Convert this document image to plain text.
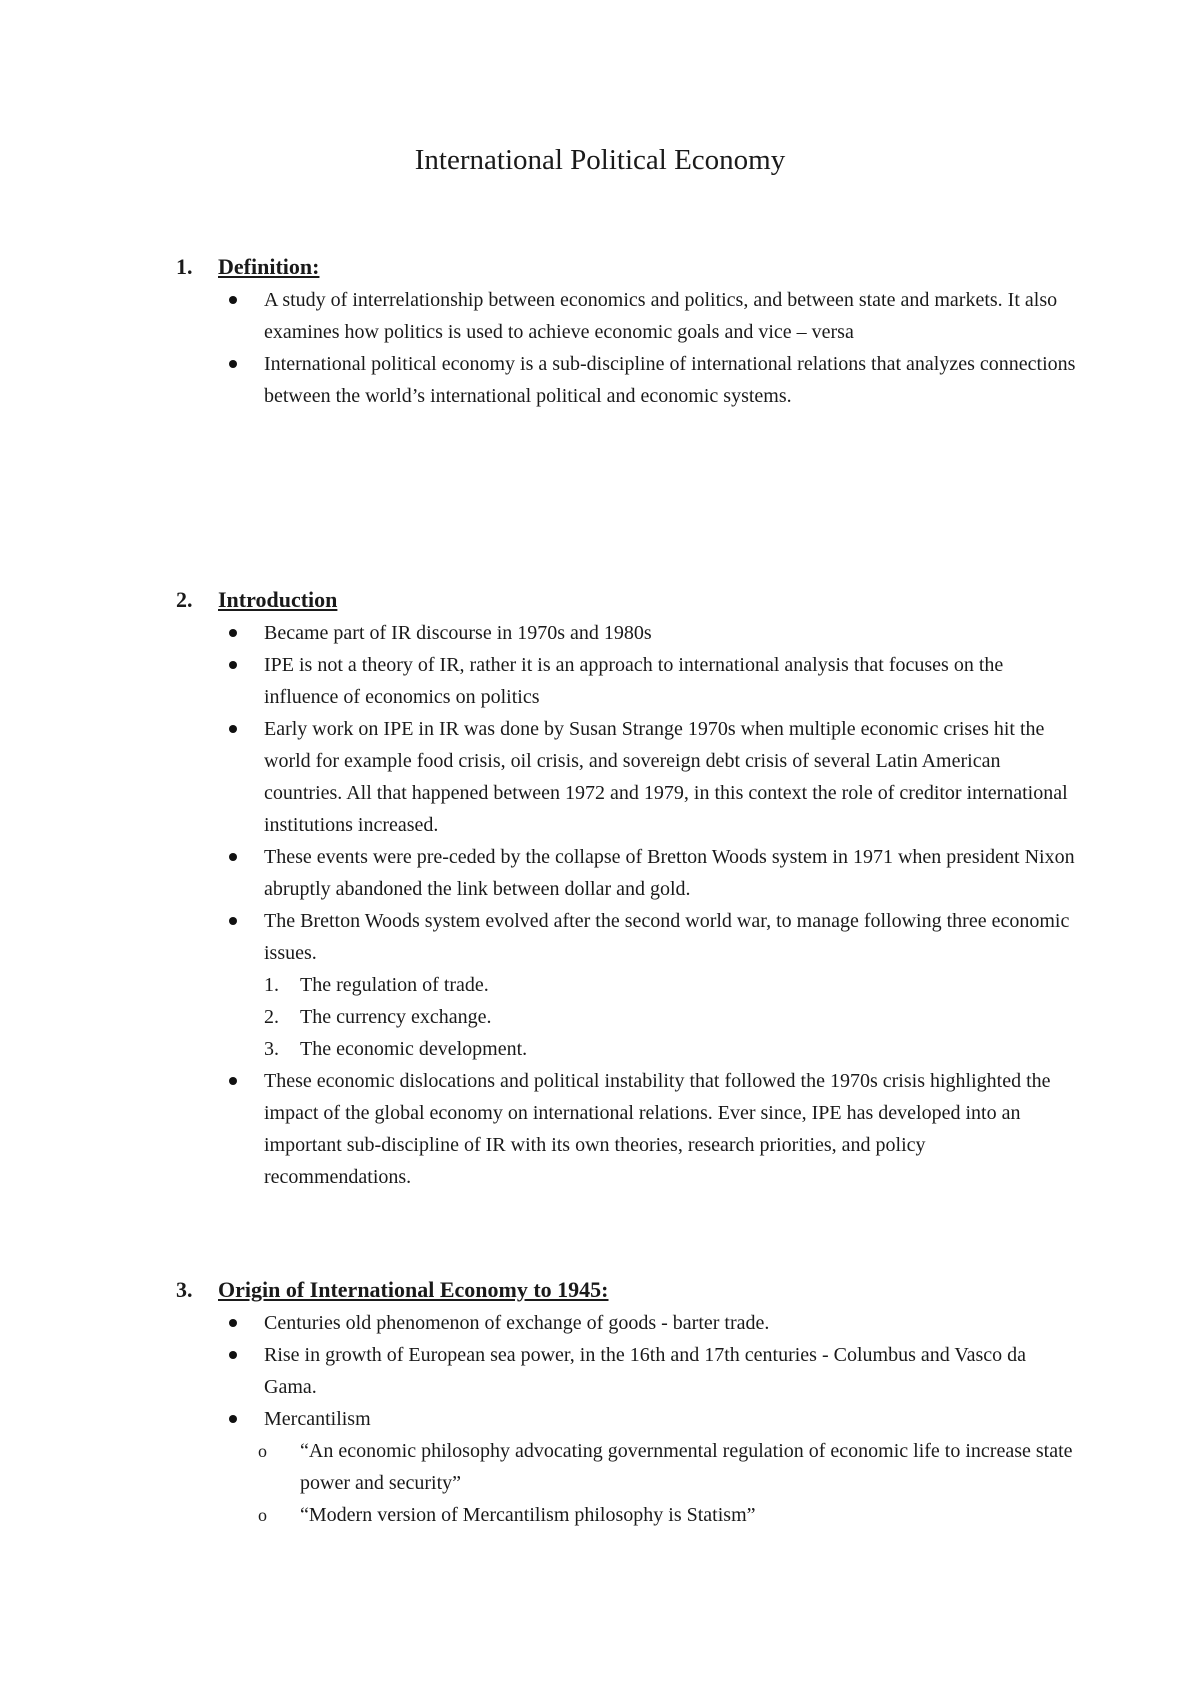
International Political Economy
1.	Definition:
A study of interrelationship between economics and politics, and between state and markets. It also examines how politics is used to achieve economic goals and vice – versa
International political economy is a sub-discipline of international relations that analyzes connections between the world’s international political and economic systems.
2.	Introduction
Became part of IR discourse in 1970s and 1980s
IPE is not a theory of IR, rather it is an approach to international analysis that focuses on the influence of economics on politics
Early work on IPE in IR was done by Susan Strange 1970s when multiple economic crises hit the world for example food crisis, oil crisis, and sovereign debt crisis of several Latin American countries. All that happened between 1972 and 1979, in this context the role of creditor international institutions increased.
These events were pre-ceded by the collapse of Bretton Woods system in 1971 when president Nixon abruptly abandoned the link between dollar and gold.
The Bretton Woods system evolved after the second world war, to manage following three economic issues.
1. The regulation of trade.
2. The currency exchange.
3. The economic development.
These economic dislocations and political instability that followed the 1970s crisis highlighted the impact of the global economy on international relations. Ever since, IPE has developed into an important sub-discipline of IR with its own theories, research priorities, and policy recommendations.
3.	Origin of International Economy to 1945:
Centuries old phenomenon of exchange of goods - barter trade.
Rise in growth of European sea power, in the 16th and 17th centuries - Columbus and Vasco da Gama.
Mercantilism
o “An economic philosophy advocating governmental regulation of economic life to increase state power and security”
o “Modern version of Mercantilism philosophy is Statism”
